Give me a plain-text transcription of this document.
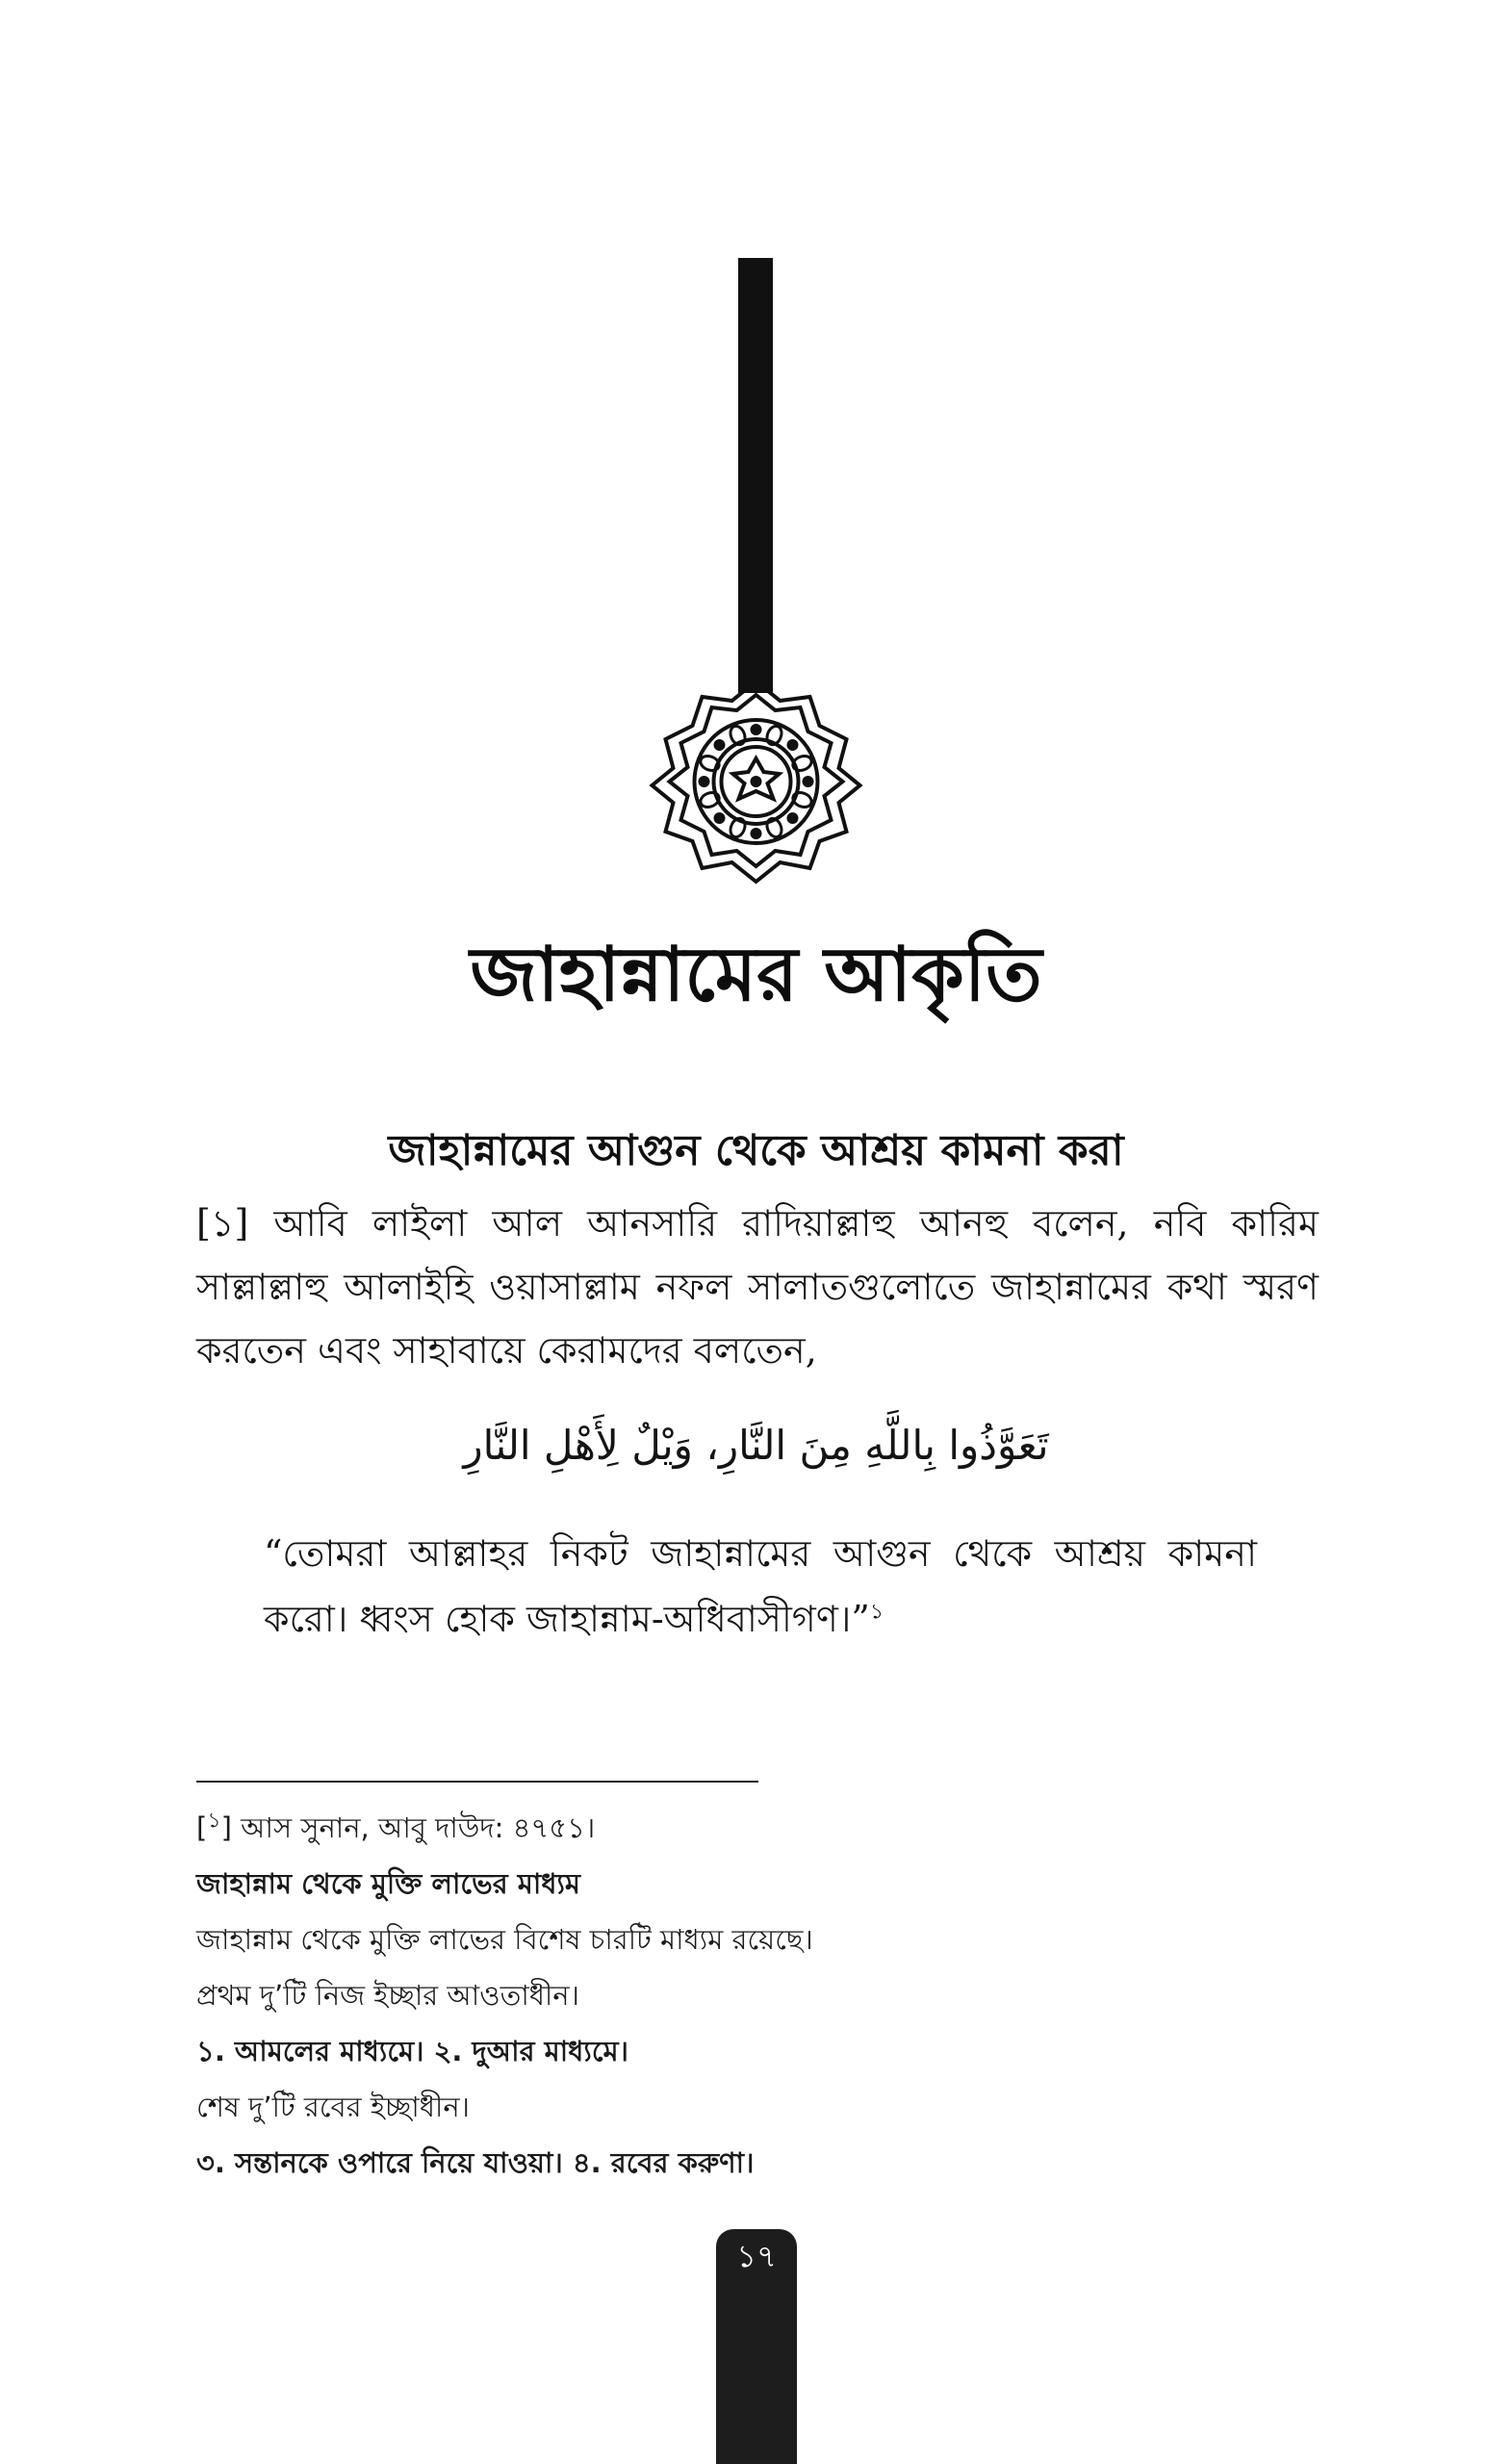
জাহান্নামের আকৃতি
জাহান্নামের আগুন থেকে আশ্রয় কামনা করা
[১] আবি লাইলা আল আনসারি রাদিয়াল্লাহু আনহু বলেন, নবি কারিম সাল্লাল্লাহু আলাইহি ওয়াসাল্লাম নফল সালাতগুলোতে জাহান্নামের কথা স্মরণ করতেন এবং সাহাবায়ে কেরামদের বলতেন,
تَعَوَّذُوا بِاللَّهِ مِنَ النَّارِ، وَيْلٌ لِأَهْلِ النَّارِ
“তোমরা আল্লাহর নিকট জাহান্নামের আগুন থেকে আশ্রয় কামনা করো। ধ্বংস হোক জাহান্নাম-অধিবাসীগণ।”$^১$
[$^১$] আস সুনান, আবু দাউদ: ৪৭৫১।
জাহান্নাম থেকে মুক্তি লাভের মাধ্যম
জাহান্নাম থেকে মুক্তি লাভের বিশেষ চারটি মাধ্যম রয়েছে।
প্রথম দু’টি নিজ ইচ্ছার আওতাধীন।
১. আমলের মাধ্যমে। ২. দুআর মাধ্যমে।
শেষ দু’টি রবের ইচ্ছাধীন।
৩. সন্তানকে ওপারে নিয়ে যাওয়া। ৪. রবের করুণা।
১৭
